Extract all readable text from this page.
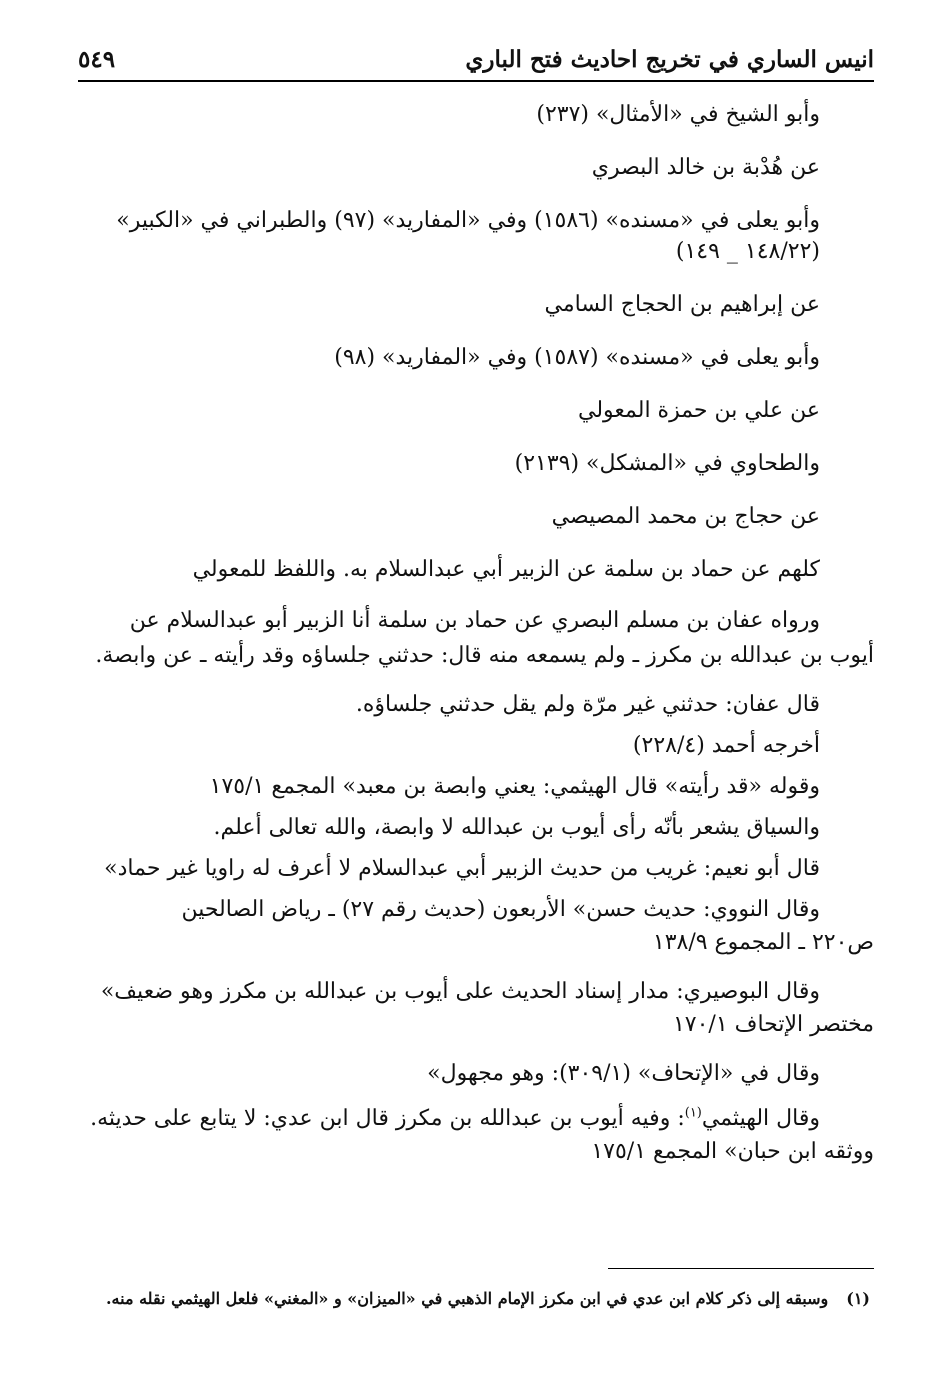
انيس الساري في تخريج احاديث فتح الباري
٥٤٩

وأبو الشيخ في «الأمثال» (٢٣٧)

عن هُدْبة بن خالد البصري

وأبو يعلى في «مسنده» (١٥٨٦) وفي «المفاريد» (٩٧) والطبراني في «الكبير»

(١٤٨/٢٢ _ ١٤٩)

عن إبراهيم بن الحجاج السامي

وأبو يعلى في «مسنده» (١٥٨٧) وفي «المفاريد» (٩٨)

عن علي بن حمزة المعولي

والطحاوي في «المشكل» (٢١٣٩)

عن حجاج بن محمد المصيصي

كلهم عن حماد بن سلمة عن الزبير أبي عبدالسلام به. واللفظ للمعولي

ورواه عفان بن مسلم البصري عن حماد بن سلمة أنا الزبير أبو عبدالسلام عن

أيوب بن عبدالله بن مكرز ـ ولم يسمعه منه قال: حدثني جلساؤه وقد رأيته ـ عن وابصة.

قال عفان: حدثني غير مرّة ولم يقل حدثني جلساؤه.

أخرجه أحمد (٢٢٨/٤)

وقوله «قد رأيته» قال الهيثمي: يعني وابصة بن معبد» المجمع ١٧٥/١

والسياق يشعر بأنّه رأى أيوب بن عبدالله لا وابصة، والله تعالى أعلم.

قال أبو نعيم: غريب من حديث الزبير أبي عبدالسلام لا أعرف له راويا غير حماد»

وقال النووي: حديث حسن» الأربعون (حديث رقم ٢٧) ـ رياض الصالحين

ص٢٢٠ ـ المجموع ١٣٨/٩

وقال البوصيري: مدار إسناد الحديث على أيوب بن عبدالله بن مكرز وهو ضعيف»

مختصر الإتحاف ١٧٠/١

وقال في «الإتحاف» (٣٠٩/١): وهو مجهول»

وقال الهيثمي$^{(١)}$: وفيه أيوب بن عبدالله بن مكرز قال ابن عدي: لا يتابع على حديثه.

ووثقه ابن حبان» المجمع ١٧٥/١

(١)وسبقه إلى ذكر كلام ابن عدي في ابن مكرز الإمام الذهبي في «الميزان» و «المغني» فلعل الهيثمي نقله منه.
